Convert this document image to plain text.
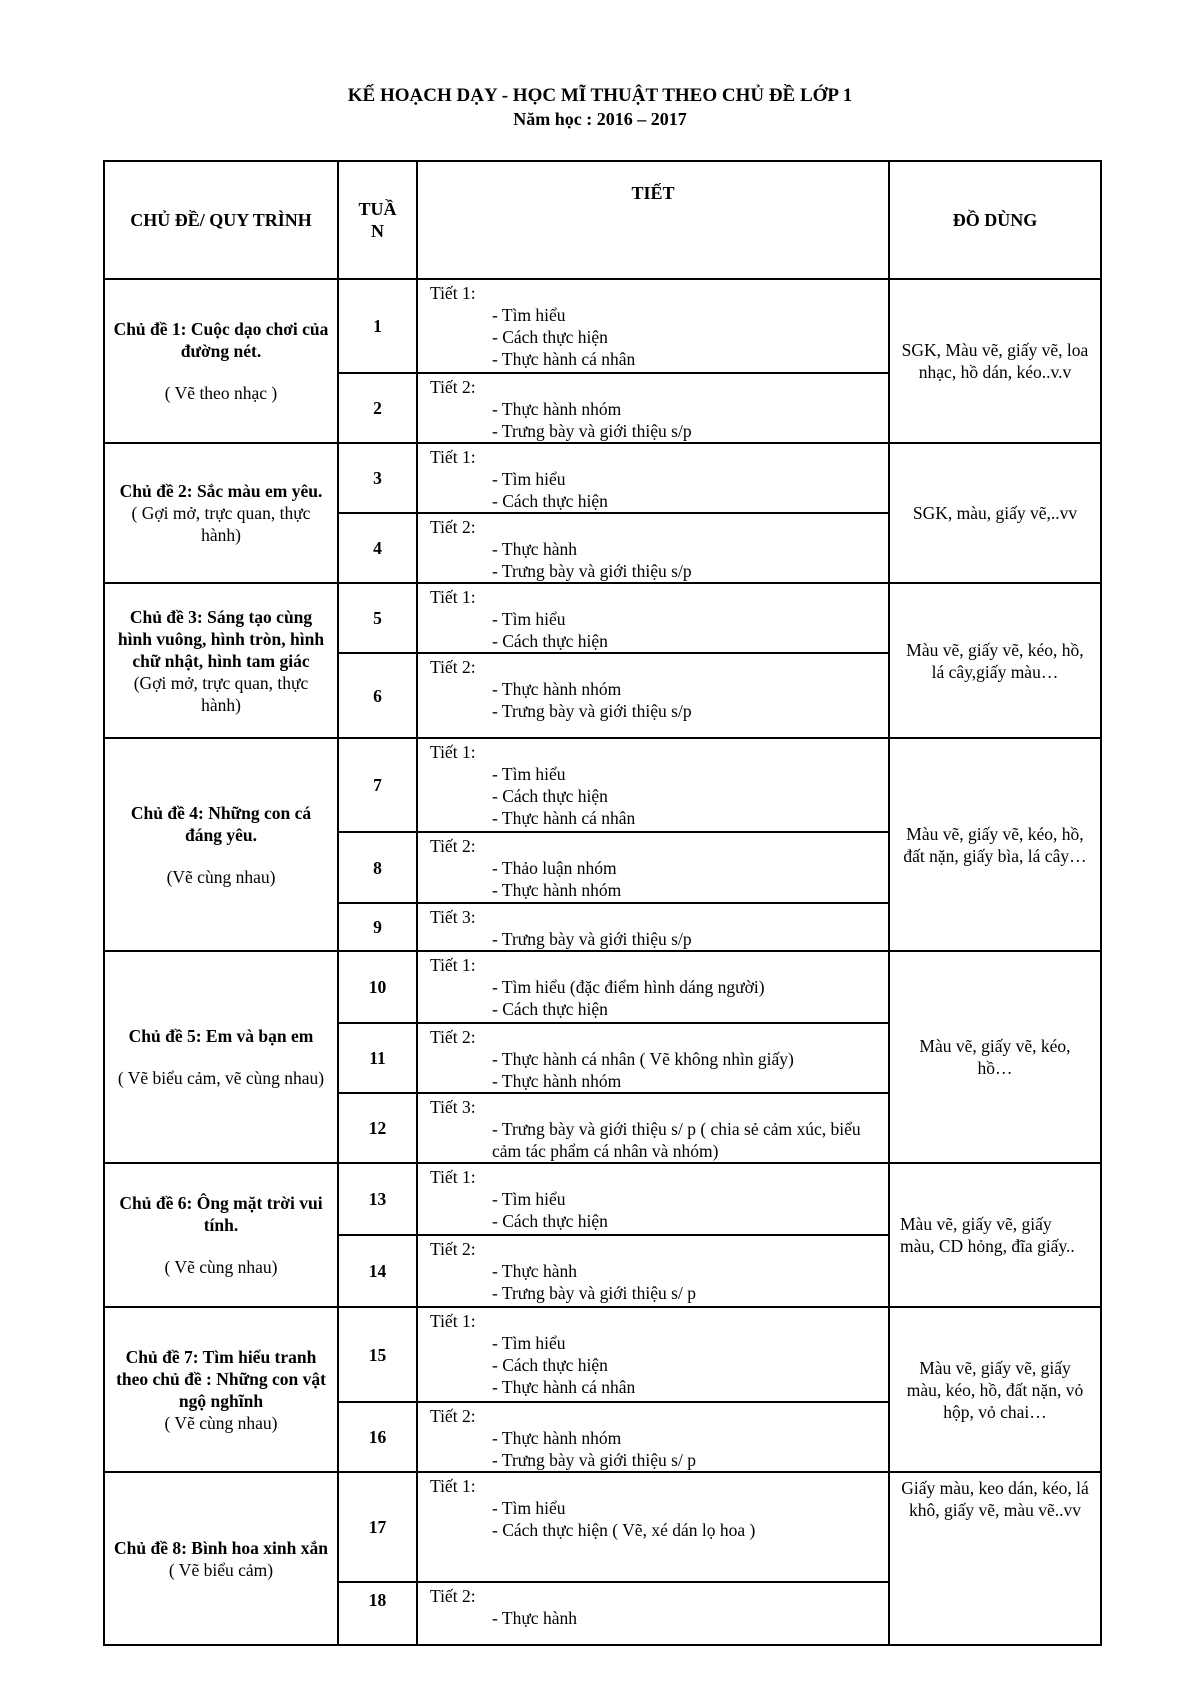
KẾ HOẠCH DẠY - HỌC MĨ THUẬT THEO CHỦ ĐỀ LỚP 1
Năm học : 2016 – 2017
CHỦ ĐỀ/ QUY TRÌNH	TUẦN	TIẾT	ĐỒ DÙNG

Chủ đề 1: Cuộc dạo chơi của đường nét.
( Vẽ theo nhạc )	1	Tiết 1:
- Tìm hiểu
- Cách thực hiện
- Thực hành cá nhân	SGK, Màu vẽ, giấy vẽ, loa nhạc, hồ dán, kéo..v.v
	2	Tiết 2:
- Thực hành nhóm
- Trưng bày và giới thiệu s/p	

Chủ đề 2: Sắc màu em yêu.
( Gợi mở, trực quan, thực hành)	3	Tiết 1:
- Tìm hiểu
- Cách thực hiện	SGK, màu, giấy vẽ,..vv
	4	Tiết 2:
- Thực hành
- Trưng bày và giới thiệu s/p	

Chủ đề 3: Sáng tạo cùng hình vuông, hình tròn, hình chữ nhật, hình tam giác
(Gợi mở, trực quan, thực hành)	5	Tiết 1:
- Tìm hiểu
- Cách thực hiện	Màu vẽ, giấy vẽ, kéo, hồ, lá cây,giấy màu…
	6	Tiết 2:
- Thực hành nhóm
- Trưng bày và giới thiệu s/p	

Chủ đề 4: Những con cá đáng yêu.
(Vẽ cùng nhau)	7	Tiết 1:
- Tìm hiểu
- Cách thực hiện
- Thực hành cá nhân	Màu vẽ, giấy vẽ, kéo, hồ, đất nặn, giấy bìa, lá cây…
	8	Tiết 2:
- Thảo luận nhóm
- Thực hành nhóm	

	9	Tiết 3:
- Trưng bày và giới thiệu s/p	

Chủ đề 5: Em và bạn em
( Vẽ biểu cảm, vẽ cùng nhau)	10	Tiết 1:
- Tìm hiểu (đặc điểm hình dáng người)
- Cách thực hiện	Màu vẽ, giấy vẽ, kéo, hồ…
	11	Tiết 2:
- Thực hành cá nhân ( Vẽ không nhìn giấy)
- Thực hành nhóm	

	12	Tiết 3:
- Trưng bày và giới thiệu s/ p ( chia sẻ cảm xúc, biểu cảm tác phẩm cá nhân và nhóm)	

Chủ đề 6: Ông mặt trời vui tính.
( Vẽ cùng nhau)	13	Tiết 1:
- Tìm hiểu
- Cách thực hiện	Màu vẽ, giấy vẽ, giấy màu, CD hỏng, đĩa giấy..
	14	Tiết 2:
- Thực hành
- Trưng bày và giới thiệu s/ p	

Chủ đề 7: Tìm hiểu tranh theo chủ đề : Những con vật ngộ nghĩnh
( Vẽ cùng nhau)	15	Tiết 1:
- Tìm hiểu
- Cách thực hiện
- Thực hành cá nhân	Màu vẽ, giấy vẽ, giấy màu, kéo, hồ, đất nặn, vỏ hộp, vỏ chai…
	16	Tiết 2:
- Thực hành nhóm
- Trưng bày và giới thiệu s/ p	

Chủ đề 8: Bình hoa xinh xắn
( Vẽ biểu cảm)	17	Tiết 1:
- Tìm hiểu
- Cách thực hiện ( Vẽ, xé dán lọ hoa )	Giấy màu, keo dán, kéo, lá khô, giấy vẽ, màu vẽ..vv
	18	Tiết 2:
- Thực hành	
